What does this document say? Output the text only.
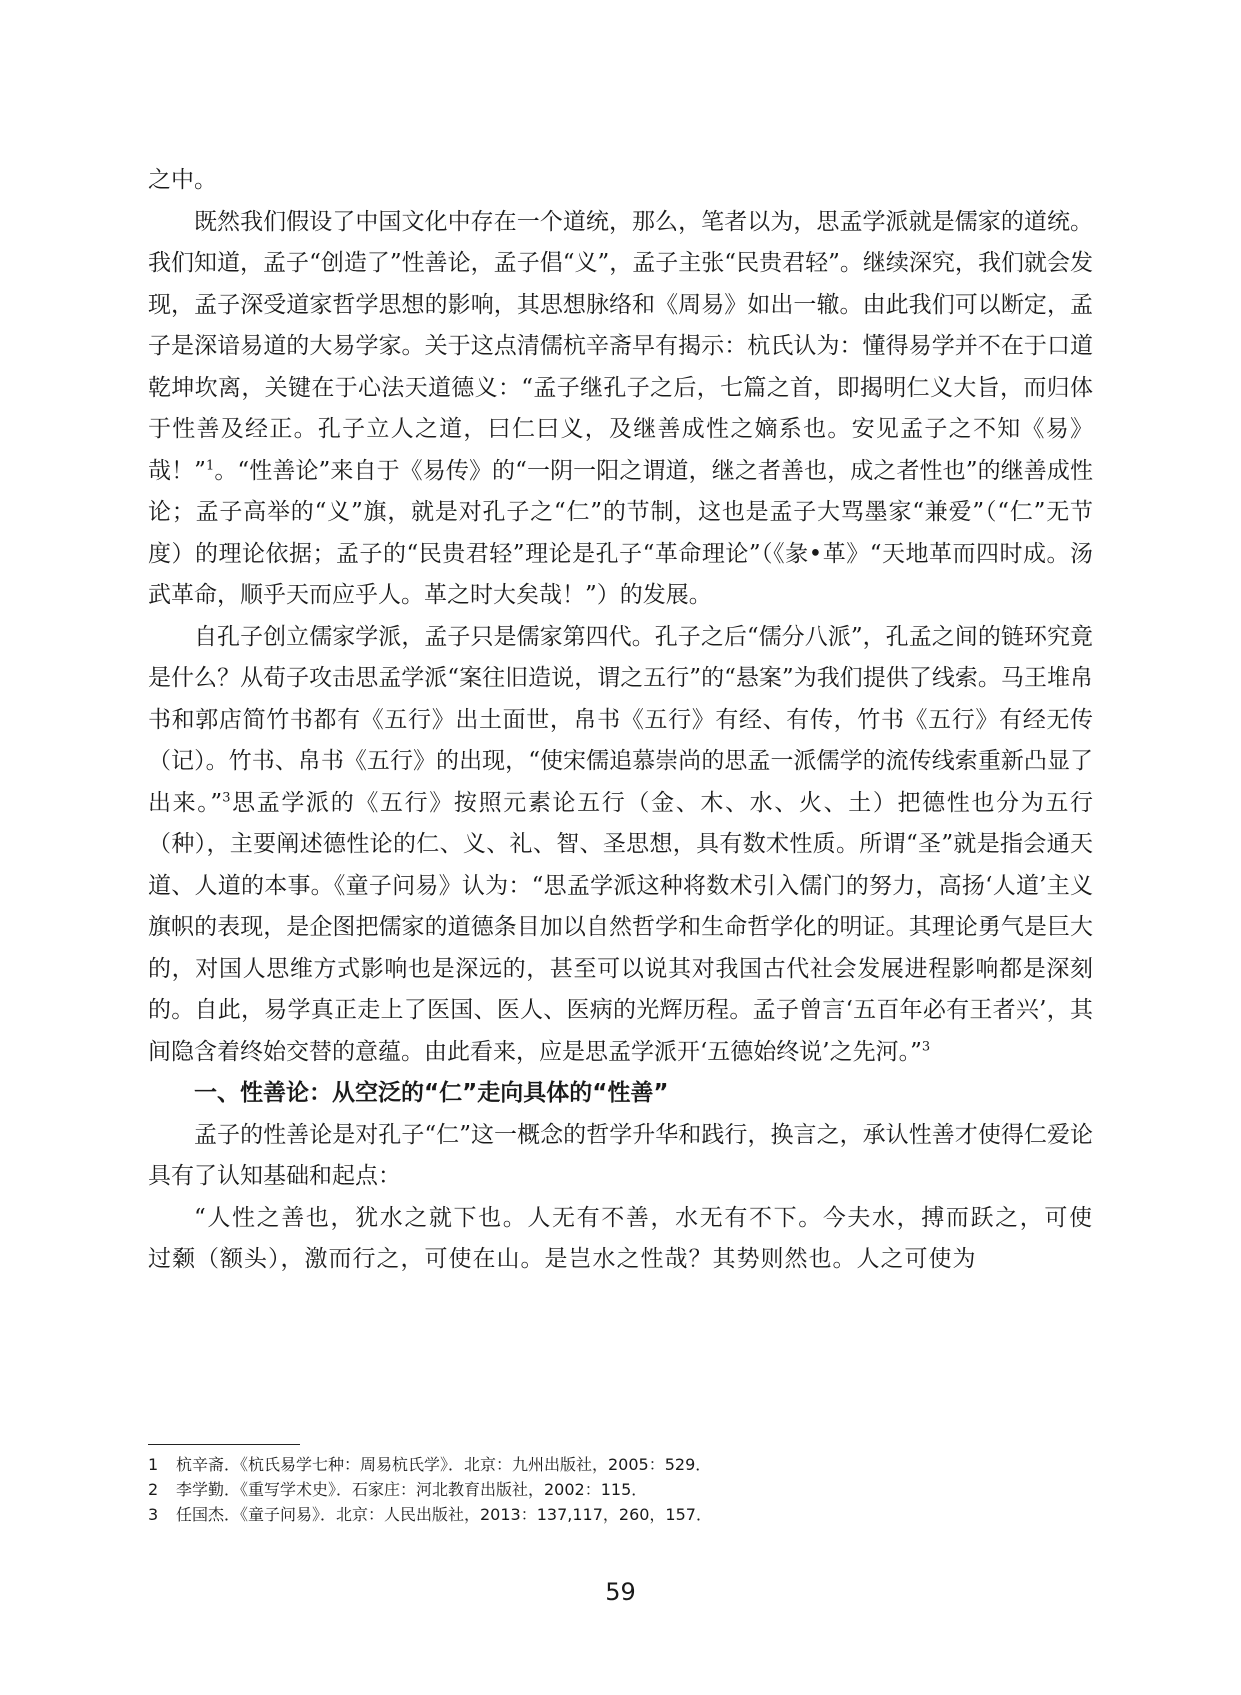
之中。

既然我们假设了中国文化中存在一个道统，那么，笔者以为，思孟学派就是儒家的道统。我们知道，孟子“创造了”性善论，孟子倡“义”，孟子主张“民贵君轻”。继续深究，我们就会发现，孟子深受道家哲学思想的影响，其思想脉络和《周易》如出一辙。由此我们可以断定，孟子是深谙易道的大易学家。关于这点清儒杭辛斋早有揭示：杭氏认为：懂得易学并不在于口道乾坤坎离，关键在于心法天道德义：“孟子继孔子之后，七篇之首，即揭明仁义大旨，而归体于性善及经正。孔子立人之道，曰仁曰义，及继善成性之嫡系也。安见孟子之不知《易》哉！”$^1$。“性善论”来自于《易传》的“一阴一阳之谓道，继之者善也，成之者性也”的继善成性论；孟子高举的“义”旗，就是对孔子之“仁”的节制，这也是孟子大骂墨家“兼爱”（“仁”无节度）的理论依据；孟子的“民贵君轻”理论是孔子“革命理论”（《彖•革》“天地革而四时成。汤武革命，顺乎天而应乎人。革之时大矣哉！”）的发展。

自孔子创立儒家学派，孟子只是儒家第四代。孔子之后“儒分八派”，孔孟之间的链环究竟是什么？从荀子攻击思孟学派“案往旧造说，谓之五行”的“悬案”为我们提供了线索。马王堆帛书和郭店简竹书都有《五行》出土面世，帛书《五行》有经、有传，竹书《五行》有经无传（记）。竹书、帛书《五行》的出现，“使宋儒追慕崇尚的思孟一派儒学的流传线索重新凸显了出来。”$^3$思孟学派的《五行》按照元素论五行（金、木、水、火、土）把德性也分为五行（种），主要阐述德性论的仁、义、礼、智、圣思想，具有数术性质。所谓“圣”就是指会通天道、人道的本事。《童子问易》认为：“思孟学派这种将数术引入儒门的努力，高扬‘人道’主义旗帜的表现，是企图把儒家的道德条目加以自然哲学和生命哲学化的明证。其理论勇气是巨大的，对国人思维方式影响也是深远的，甚至可以说其对我国古代社会发展进程影响都是深刻的。自此，易学真正走上了医国、医人、医病的光辉历程。孟子曾言‘五百年必有王者兴’，其间隐含着终始交替的意蕴。由此看来，应是思孟学派开‘五德始终说’之先河。”$^3$

一、性善论：从空泛的“仁”走向具体的“性善”

孟子的性善论是对孔子“仁”这一概念的哲学升华和践行，换言之，承认性善才使得仁爱论具有了认知基础和起点：

“人性之善也，犹水之就下也。人无有不善，水无有不下。今夫水，搏而跃之，可使过颡（额头），激而行之，可使在山。是岂水之性哉？其势则然也。人之可使为

1 杭辛斋．《杭氏易学七种：周易杭氏学》．北京：九州出版社，2005：529．
2 李学勤．《重写学术史》．石家庄：河北教育出版社，2002：115．
3 任国杰．《童子问易》．北京：人民出版社，2013：137,117，260，157．
59
